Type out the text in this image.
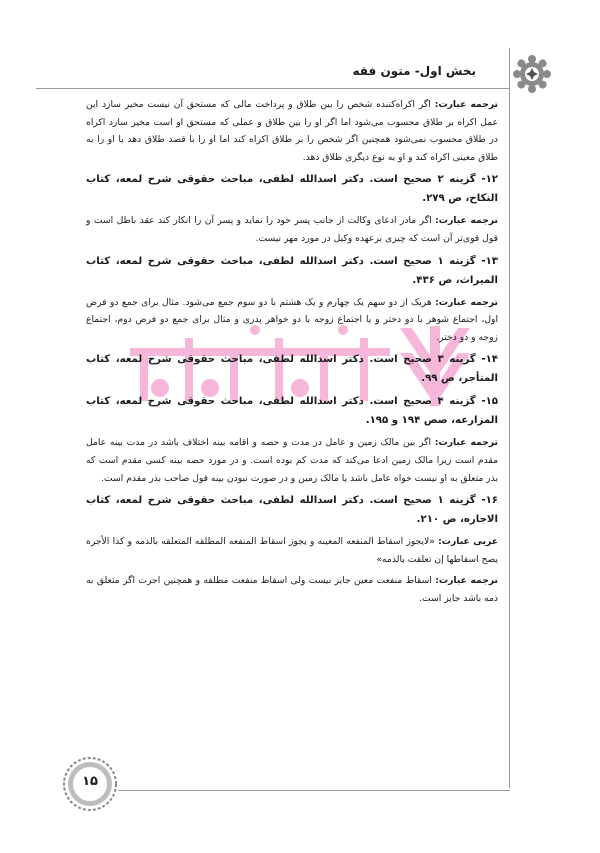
بخش اول- متون فقه

ترجمه عبارت: اگر اکراه‌کننده شخص را بین طلاق و پرداخت مالی که مستحق آن نیست مخیر سازد این عمل اکراه بر طلاق محسوب می‌شود اما اگر او را بین طلاق و عملی که مستحق او است مخیر سازد اکراه در طلاق محسوب نمی‌شود همچنین اگر شخص را بر طلاق اکراه کند اما او را با قصد طلاق دهد یا او را به طلاق معینی اکراه کند و او به نوع دیگری طلاق دهد.

۱۲- گزینه ۲ صحیح است. دکتر اسدالله لطفی، مباحث حقوقی شرح لمعه، کتاب النکاح، ص ۲۷۹.

ترجمه عبارت: اگر مادر ادعای وکالت از جانب پسر خود را نماید و پسر آن را انکار کند عقد باطل است و قول قوی‌تر آن است که چیزی برعهده وکیل در مورد مهر نیست.

۱۳- گزینه ۱ صحیح است. دکتر اسدالله لطفی، مباحث حقوقی شرح لمعه، کتاب المیراث، ص ۴۳۶.

ترجمه عبارت: هریک از دو سهم یک چهارم و یک هشتم با دو سوم جمع می‌شود. مثال برای جمع دو فرض اول، اجتماع شوهر با دو دختر و یا اجتماع زوجه با دو خواهر پدری و مثال برای جمع دو فرض دوم، اجتماع زوجه و دو دختر.

۱۴- گزینه ۳ صحیح است. دکتر اسدالله لطفی، مباحث حقوقی شرح لمعه، کتاب المتأجر، ص ۹۹.

۱۵- گزینه ۴ صحیح است. دکتر اسدالله لطفی، مباحث حقوقی شرح لمعه، کتاب المزارعه، صص ۱۹۴ و ۱۹۵.

ترجمه عبارت: اگر بین مالک زمین و عامل در مدت و حصه و اقامه بینه اختلاف باشد در مدت بینه عامل مقدم است زیرا مالک زمین ادعا می‌کند که مدت کم بوده است. و در مورد حصه بینه کسی مقدم است که بذر متعلق به او نیست خواه عامل باشد یا مالک زمین و در صورت نبودن بینه قول صاحب بذر مقدم است.

۱۶- گزینه ۱ صحیح است. دکتر اسدالله لطفی، مباحث حقوقی شرح لمعه، کتاب الاجاره، ص ۲۱۰.

عربی عبارت: «لایجوز اسقاط المنفعه المعینه و یجوز اسقاط المنفعه المطلقه المتعلقه بالذمه و کذا الأجره یصح اسقاطها إن تعلقت بالذمه»

ترجمه عبارت: اسقاط منفعت معین جایز نیست ولی اسقاط منفعت مطلقه و همچنین اجرت اگر متعلق به ذمه باشد جایز است.

۱۵
